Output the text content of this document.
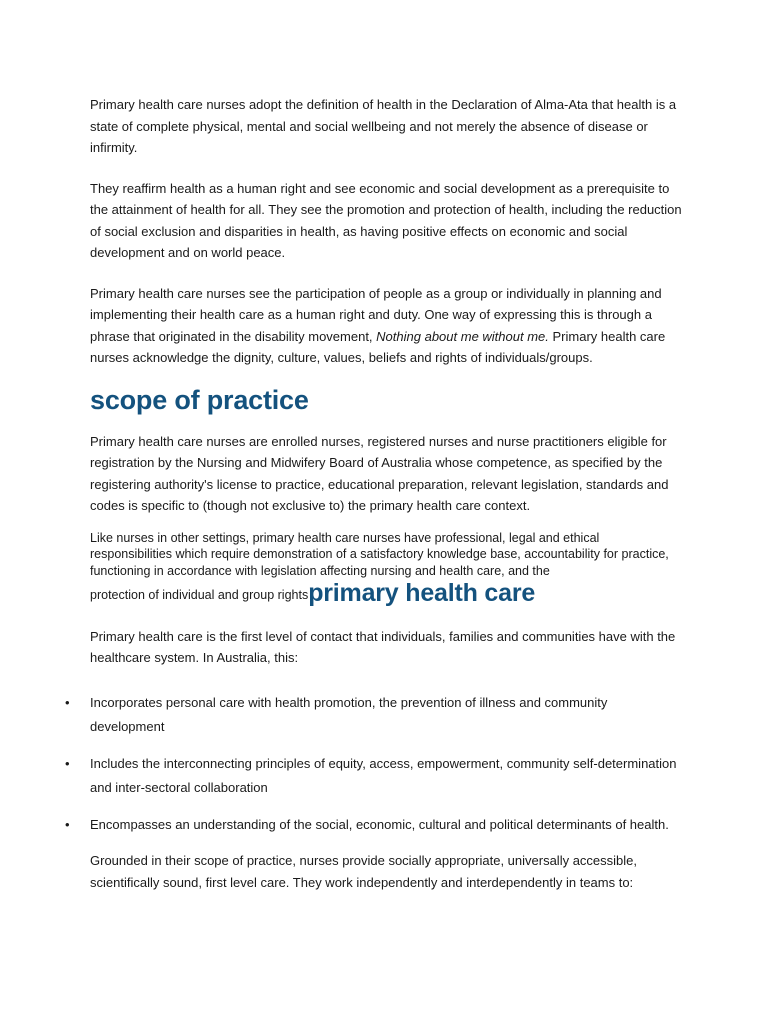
Primary health care nurses adopt the definition of health in the Declaration of Alma-Ata that health is a state of complete physical, mental and social wellbeing and not merely the absence of disease or infirmity.

They reaffirm health as a human right and see economic and social development as a prerequisite to the attainment of health for all. They see the promotion and protection of health, including the reduction of social exclusion and disparities in health, as having positive effects on economic and social development and on world peace.

Primary health care nurses see the participation of people as a group or individually in planning and implementing their health care as a human right and duty. One way of expressing this is through a phrase that originated in the disability movement, Nothing about me without me. Primary health care nurses acknowledge the dignity, culture, values, beliefs and rights of individuals/groups.

scope of practice

Primary health care nurses are enrolled nurses, registered nurses and nurse practitioners eligible for registration by the Nursing and Midwifery Board of Australia whose competence, as specified by the registering authority's license to practice, educational preparation, relevant legislation, standards and codes is specific to (though not exclusive to) the primary health care context.

Like nurses in other settings, primary health care nurses have professional, legal and ethical responsibilities which require demonstration of a satisfactory knowledge base, accountability for practice, functioning in accordance with legislation affecting nursing and health care, and the

protection of individual and group rightsprimary health care

Primary health care is the first level of contact that individuals, families and communities have with the healthcare system. In Australia, this:

• Incorporates personal care with health promotion, the prevention of illness and community development
• Includes the interconnecting principles of equity, access, empowerment, community self-determination and inter-sectoral collaboration
• Encompasses an understanding of the social, economic, cultural and political determinants of health.

Grounded in their scope of practice, nurses provide socially appropriate, universally accessible, scientifically sound, first level care. They work independently and interdependently in teams to:
